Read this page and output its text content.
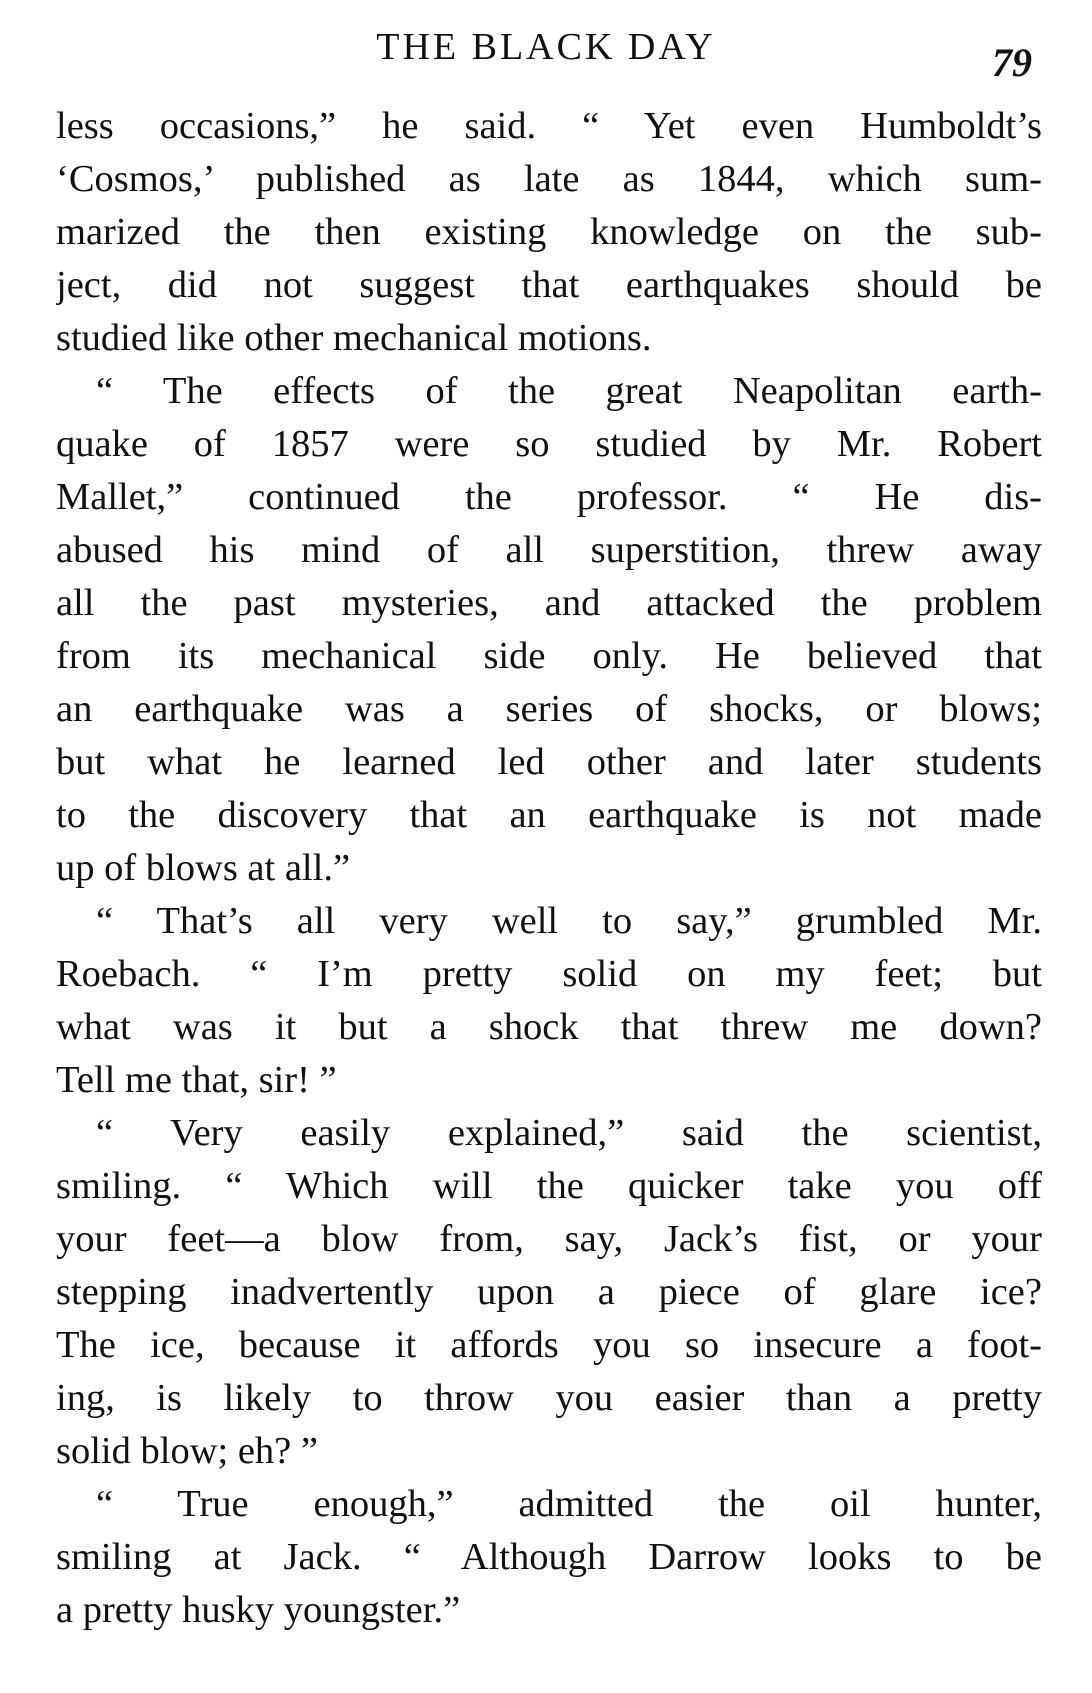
THE BLACK DAY	79
less occasions,” he said. “ Yet even Humboldt’s
‘Cosmos,’ published as late as 1844, which sum-
marized the then existing knowledge on the sub-
ject, did not suggest that earthquakes should be
studied like other mechanical motions.
“ The effects of the great Neapolitan earth-
quake of 1857 were so studied by Mr. Robert
Mallet,” continued the professor. “ He dis-
abused his mind of all superstition, threw away
all the past mysteries, and attacked the problem
from its mechanical side only. He believed that
an earthquake was a series of shocks, or blows;
but what he learned led other and later students
to the discovery that an earthquake is not made
up of blows at all.”
“ That’s all very well to say,” grumbled Mr.
Roebach. “ I’m pretty solid on my feet; but
what was it but a shock that threw me down?
Tell me that, sir! ”
“ Very easily explained,” said the scientist,
smiling. “ Which will the quicker take you off
your feet—a blow from, say, Jack’s fist, or your
stepping inadvertently upon a piece of glare ice?
The ice, because it affords you so insecure a foot-
ing, is likely to throw you easier than a pretty
solid blow; eh? ”
“ True enough,” admitted the oil hunter,
smiling at Jack. “ Although Darrow looks to be
a pretty husky youngster.”
